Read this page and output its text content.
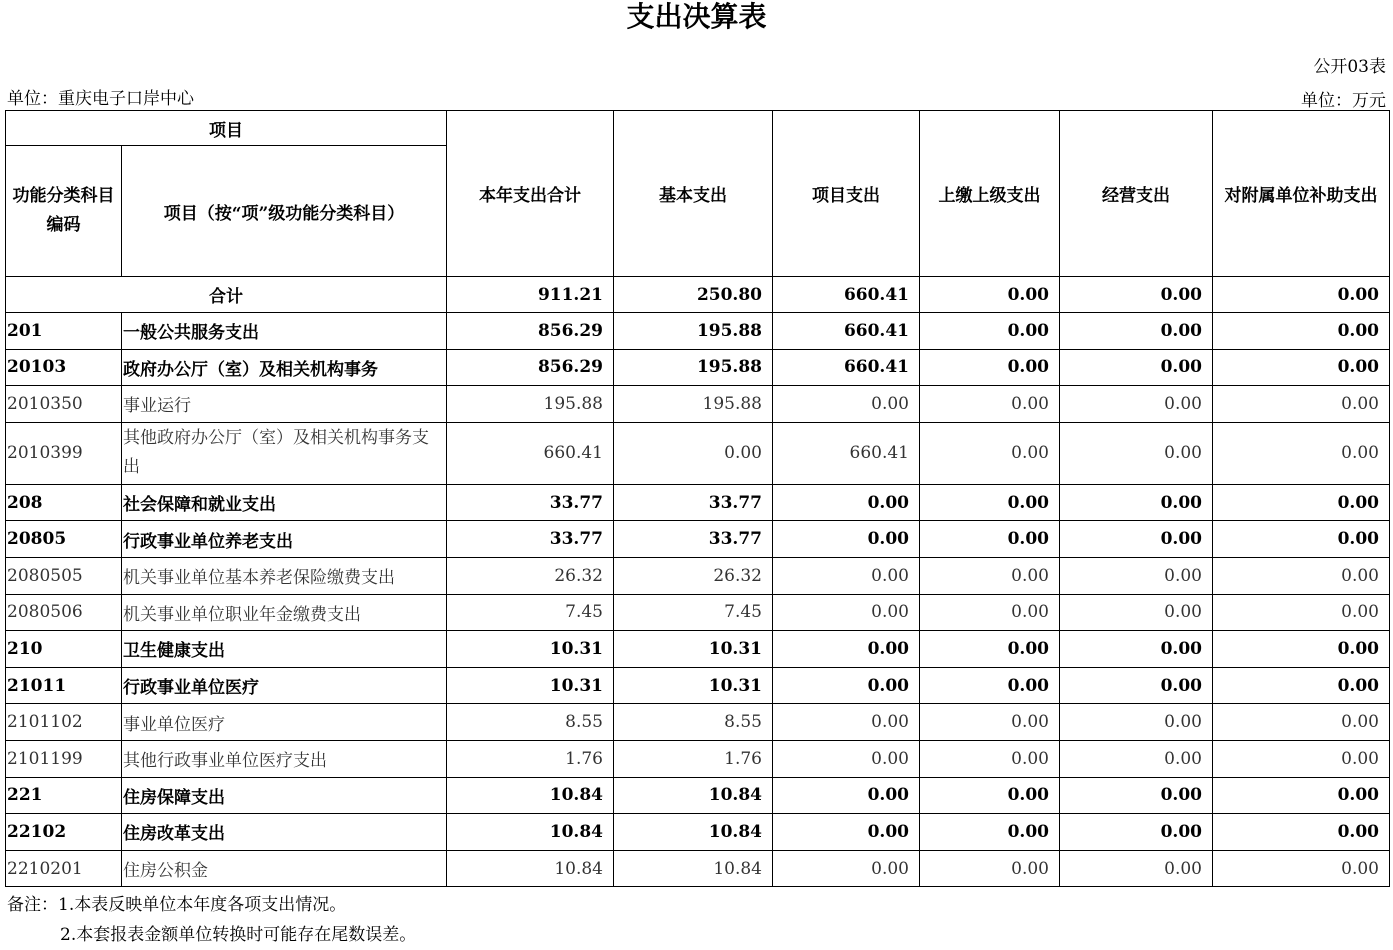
支出决算表
公开03表
单位：重庆电子口岸中心	单位：万元
项目		本年支出合计	基本支出	项目支出	上缴上级支出	经营支出	对附属单位补助支出
功能分类科目编码	项目（按“项”级功能分类科目）						
合计		911.21	250.80	660.41	0.00	0.00	0.00
201	一般公共服务支出	856.29	195.88	660.41	0.00	0.00	0.00
20103	政府办公厅（室）及相关机构事务	856.29	195.88	660.41	0.00	0.00	0.00
2010350	事业运行	195.88	195.88	0.00	0.00	0.00	0.00
2010399	其他政府办公厅（室）及相关机构事务支出	660.41	0.00	660.41	0.00	0.00	0.00
208	社会保障和就业支出	33.77	33.77	0.00	0.00	0.00	0.00
20805	行政事业单位养老支出	33.77	33.77	0.00	0.00	0.00	0.00
2080505	机关事业单位基本养老保险缴费支出	26.32	26.32	0.00	0.00	0.00	0.00
2080506	机关事业单位职业年金缴费支出	7.45	7.45	0.00	0.00	0.00	0.00
210	卫生健康支出	10.31	10.31	0.00	0.00	0.00	0.00
21011	行政事业单位医疗	10.31	10.31	0.00	0.00	0.00	0.00
2101102	事业单位医疗	8.55	8.55	0.00	0.00	0.00	0.00
2101199	其他行政事业单位医疗支出	1.76	1.76	0.00	0.00	0.00	0.00
221	住房保障支出	10.84	10.84	0.00	0.00	0.00	0.00
22102	住房改革支出	10.84	10.84	0.00	0.00	0.00	0.00
2210201	住房公积金	10.84	10.84	0.00	0.00	0.00	0.00
备注：1.本表反映单位本年度各项支出情况。
2.本套报表金额单位转换时可能存在尾数误差。
